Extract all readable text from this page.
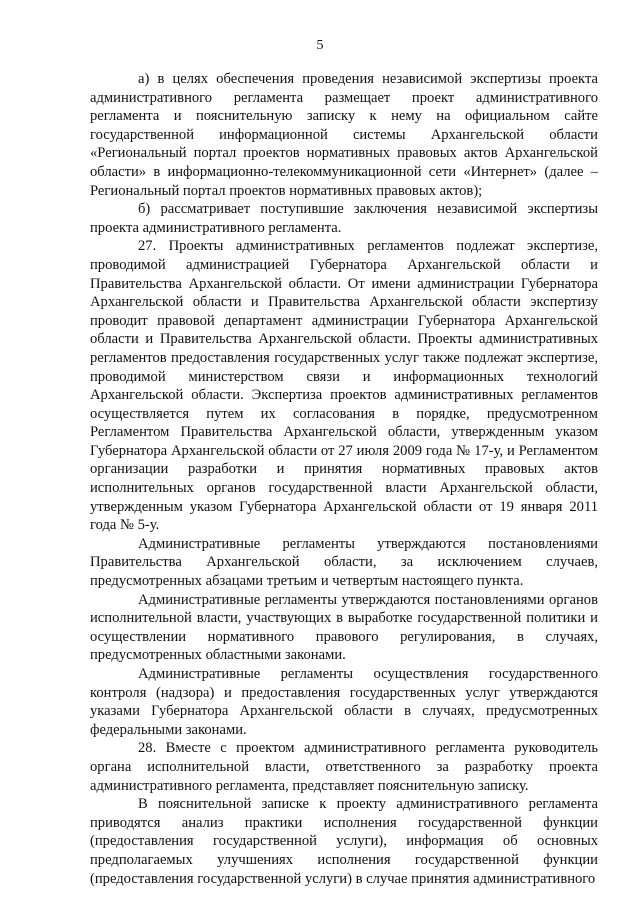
5

а) в целях обеспечения проведения независимой экспертизы проекта административного регламента размещает проект административного регламента и пояснительную записку к нему на официальном сайте государственной информационной системы Архангельской области «Региональный портал проектов нормативных правовых актов Архангельской области» в информационно-телекоммуникационной сети «Интернет» (далее – Региональный портал проектов нормативных правовых актов);

б) рассматривает поступившие заключения независимой экспертизы проекта административного регламента.

27. Проекты административных регламентов подлежат экспертизе, проводимой администрацией Губернатора Архангельской области и Правительства Архангельской области. От имени администрации Губернатора Архангельской области и Правительства Архангельской области экспертизу проводит правовой департамент администрации Губернатора Архангельской области и Правительства Архангельской области. Проекты административных регламентов предоставления государственных услуг также подлежат экспертизе, проводимой министерством связи и информационных технологий Архангельской области. Экспертиза проектов административных регламентов осуществляется путем их согласования в порядке, предусмотренном Регламентом Правительства Архангельской области, утвержденным указом Губернатора Архангельской области от 27 июля 2009 года № 17-у, и Регламентом организации разработки и принятия нормативных правовых актов исполнительных органов государственной власти Архангельской области, утвержденным указом Губернатора Архангельской области от 19 января 2011 года № 5-у.

Административные регламенты утверждаются постановлениями Правительства Архангельской области, за исключением случаев, предусмотренных абзацами третьим и четвертым настоящего пункта.

Административные регламенты утверждаются постановлениями органов исполнительной власти, участвующих в выработке государственной политики и осуществлении нормативного правового регулирования, в случаях, предусмотренных областными законами.

Административные регламенты осуществления государственного контроля (надзора) и предоставления государственных услуг утверждаются указами Губернатора Архангельской области в случаях, предусмотренных федеральными законами.

28. Вместе с проектом административного регламента руководитель органа исполнительной власти, ответственного за разработку проекта административного регламента, представляет пояснительную записку.

В пояснительной записке к проекту административного регламента приводятся анализ практики исполнения государственной функции (предоставления государственной услуги), информация об основных предполагаемых улучшениях исполнения государственной функции (предоставления государственной услуги) в случае принятия административного
